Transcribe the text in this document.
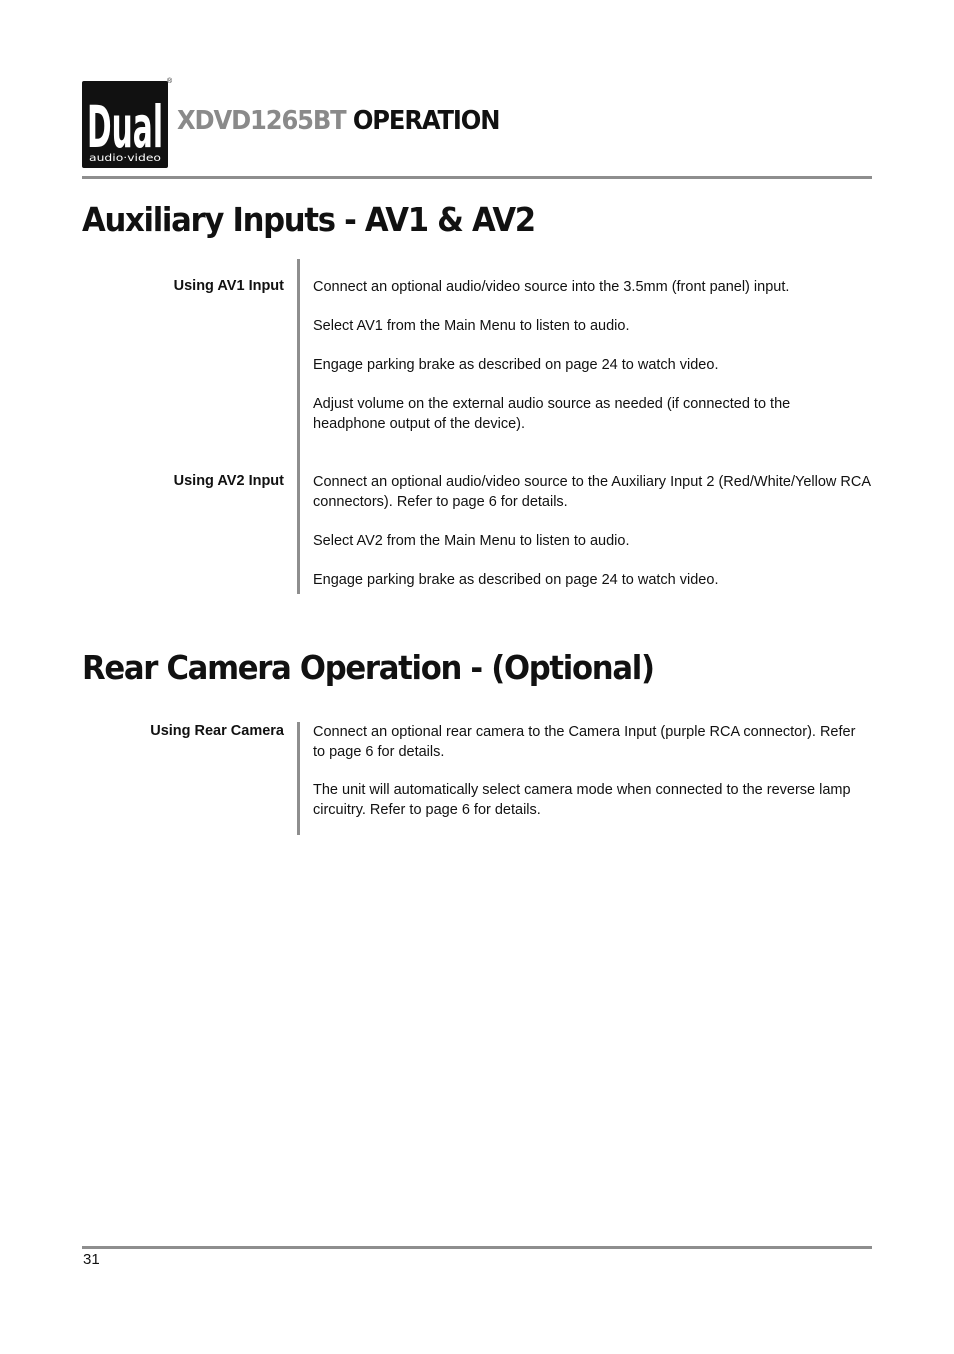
Dual
audio·video
®
XDVD1265BT OPERATION
Auxiliary Inputs - AV1 & AV2
Using AV1 Input Connect an optional audio/video source into the 3.5mm (front panel) input.

Select AV1 from the Main Menu to listen to audio.

Engage parking brake as described on page 24 to watch video.

Adjust volume on the external audio source as needed (if connected to the headphone output of the device).

Using AV2 Input Connect an optional audio/video source to the Auxiliary Input 2 (Red/White/Yellow RCA connectors). Refer to page 6 for details.

Select AV2 from the Main Menu to listen to audio.

Engage parking brake as described on page 24 to watch video.

Rear Camera Operation - (Optional)
Using Rear Camera Connect an optional rear camera to the Camera Input (purple RCA connector). Refer to page 6 for details.

The unit will automatically select camera mode when connected to the reverse lamp circuitry. Refer to page 6 for details.

31
